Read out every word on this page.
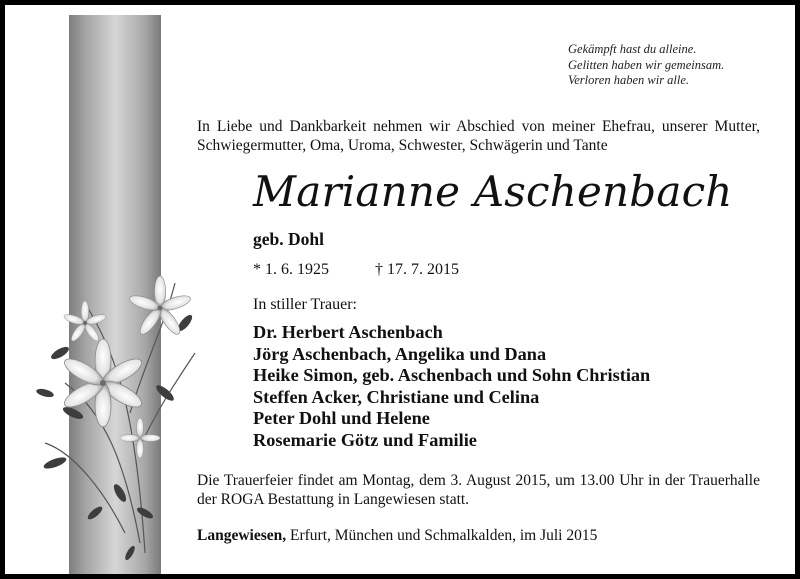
Gekämpft hast du alleine.
Gelitten haben wir gemeinsam.
Verloren haben wir alle.
In Liebe und Dankbarkeit nehmen wir Abschied von meiner Ehefrau, unserer Mutter, Schwiegermutter, Oma, Uroma, Schwester, Schwägerin und Tante
Marianne Aschenbach
geb. Dohl
* 1. 6. 1925	† 17. 7. 2015
In stiller Trauer:
Dr. Herbert Aschenbach
Jörg Aschenbach, Angelika und Dana
Heike Simon, geb. Aschenbach und Sohn Christian
Steffen Acker, Christiane und Celina
Peter Dohl und Helene
Rosemarie Götz und Familie
Die Trauerfeier findet am Montag, dem 3. August 2015, um 13.00 Uhr in der Trauerhalle der ROGA Bestattung in Langewiesen statt.
Langewiesen, Erfurt, München und Schmalkalden, im Juli 2015
